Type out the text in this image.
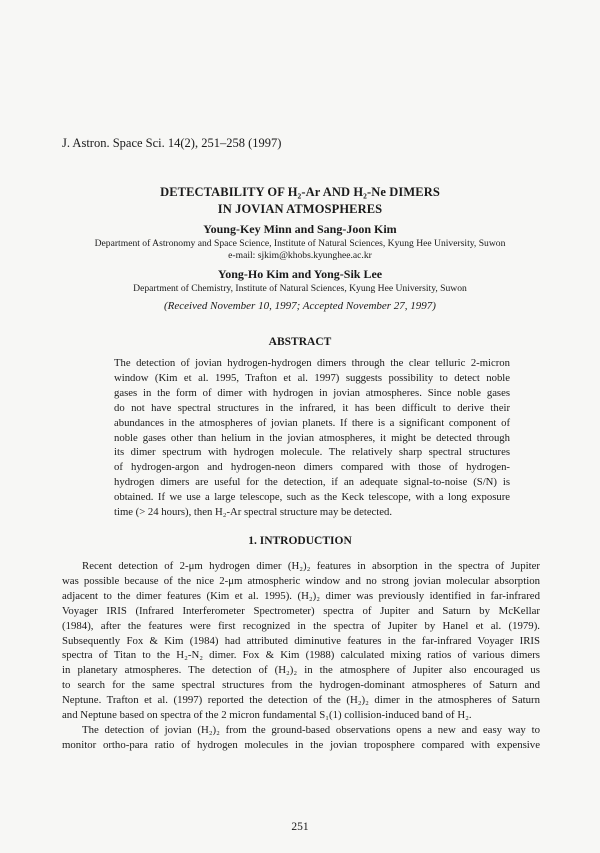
J. Astron. Space Sci. 14(2), 251–258 (1997)
DETECTABILITY OF H₂-Ar AND H₂-Ne DIMERS
IN JOVIAN ATMOSPHERES
Young-Key Minn and Sang-Joon Kim
Department of Astronomy and Space Science, Institute of Natural Sciences, Kyung Hee University, Suwon
e-mail: sjkim@khobs.kyunghee.ac.kr
Yong-Ho Kim and Yong-Sik Lee
Department of Chemistry, Institute of Natural Sciences, Kyung Hee University, Suwon
(Received November 10, 1997; Accepted November 27, 1997)
ABSTRACT
The detection of jovian hydrogen-hydrogen dimers through the clear telluric 2-micron
window (Kim et al. 1995, Trafton et al. 1997) suggests possibility to detect noble
gases in the form of dimer with hydrogen in jovian atmospheres. Since noble gases
do not have spectral structures in the infrared, it has been difficult to derive their
abundances in the atmospheres of jovian planets. If there is a significant component of
noble gases other than helium in the jovian atmospheres, it might be detected through
its dimer spectrum with hydrogen molecule. The relatively sharp spectral structures
of hydrogen-argon and hydrogen-neon dimers compared with those of hydrogen-
hydrogen dimers are useful for the detection, if an adequate signal-to-noise (S/N) is
obtained. If we use a large telescope, such as the Keck telescope, with a long exposure
time (> 24 hours), then H₂-Ar spectral structure may be detected.
1. INTRODUCTION
Recent detection of 2-μm hydrogen dimer (H₂)₂ features in absorption in the spectra of Jupiter
was possible because of the nice 2-μm atmospheric window and no strong jovian molecular absorption
adjacent to the dimer features (Kim et al. 1995). (H₂)₂ dimer was previously identified in far-infrared
Voyager IRIS (Infrared Interferometer Spectrometer) spectra of Jupiter and Saturn by McKellar
(1984), after the features were first recognized in the spectra of Jupiter by Hanel et al. (1979).
Subsequently Fox & Kim (1984) had attributed diminutive features in the far-infrared Voyager IRIS
spectra of Titan to the H₂-N₂ dimer. Fox & Kim (1988) calculated mixing ratios of various dimers
in planetary atmospheres. The detection of (H₂)₂ in the atmosphere of Jupiter also encouraged us
to search for the same spectral structures from the hydrogen-dominant atmospheres of Saturn and
Neptune. Trafton et al. (1997) reported the detection of the (H₂)₂ dimer in the atmospheres of Saturn
and Neptune based on spectra of the 2 micron fundamental S₁(1) collision-induced band of H₂.
The detection of jovian (H₂)₂ from the ground-based observations opens a new and easy way to
monitor ortho-para ratio of hydrogen molecules in the jovian troposphere compared with expensive
251
